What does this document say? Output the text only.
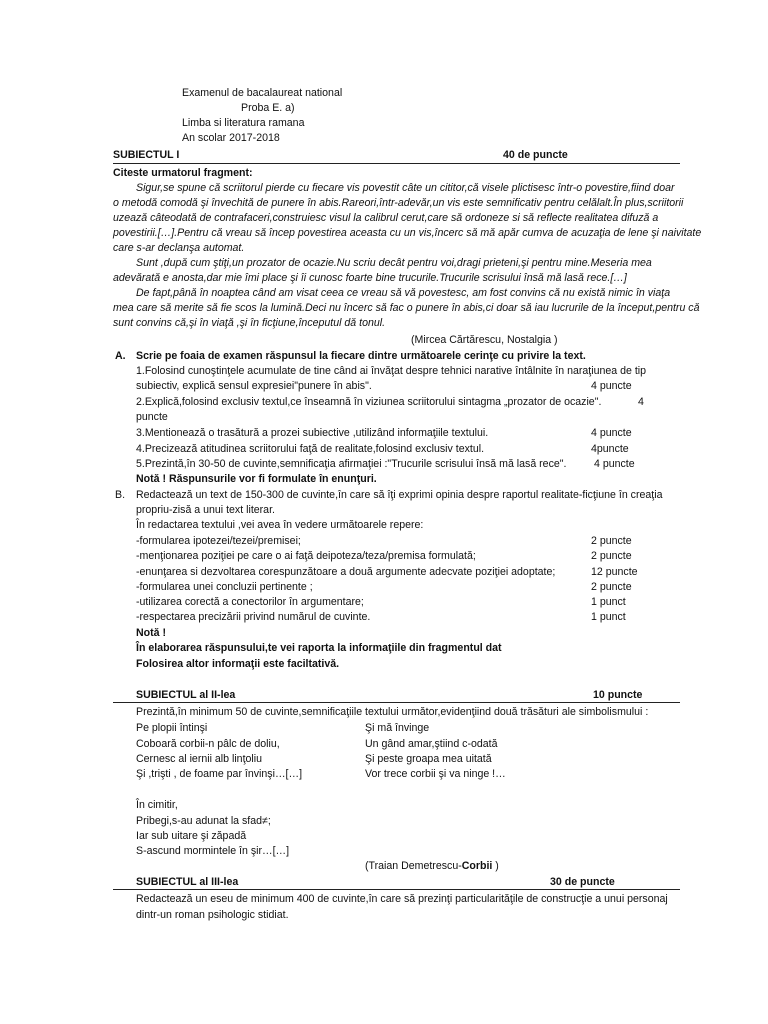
Examenul de bacalaureat national
Proba E. a)
Limba si literatura ramana
An scolar 2017-2018
SUBIECTUL I	40 de puncte
Citeste urmatorul fragment:
Sigur,se spune că scriitorul pierde cu fiecare vis povestit câte un cititor,că visele plictisesc într-o povestire,fiind doar
o metodă comodă şi învechită de punere în abis.Rareori,într-adevăr,un vis este semnificativ pentru celălalt.În plus,scriitorii
uzează câteodată de contrafaceri,construiesc visul la calibrul cerut,care să ordoneze si să reflecte realitatea difuză a
povestirii.[…].Pentru că vreau să încep povestirea aceasta cu un vis,încerc să mă apăr cumva de acuzaţia de lene şi naivitate
care s-ar declanşa automat.
Sunt ,după cum ştiţi,un prozator de ocazie.Nu scriu decât pentru voi,dragi prieteni,şi pentru mine.Meseria mea
adevărată e anosta,dar mie îmi place şi îi cunosc foarte bine trucurile.Trucurile scrisului însă mă lasă rece.[…]
De fapt,până în noaptea când am visat ceea ce vreau să vă povestesc, am fost convins că nu există nimic în viaţa
mea care să merite să fie scos la lumină.Deci nu încerc să fac o punere în abis,ci doar să iau lucrurile de la început,pentru că
sunt convins că,şi în viaţă ,şi în ficţiune,începutul dă tonul.
(Mircea Cărtărescu, Nostalgia )
A. Scrie pe foaia de examen răspunsul la fiecare dintre următoarele cerinţe cu privire la text.
1.Folosind cunoştinţele acumulate de tine când ai învăţat despre tehnici narative întâlnite în naraţiunea de tip
subiectiv, explică sensul expresiei"punere în abis".	4 puncte
2.Explică,folosind exclusiv textul,ce înseamnă în viziunea scriitorului sintagma „prozator de ocazie".	4
puncte
3.Mentionează o trasătură a prozei subiective ,utilizând informaţiile textului.	4 puncte
4.Precizează atitudinea scriitorului faţă de realitate,folosind exclusiv textul.	4puncte
5.Prezintă,în 30-50 de cuvinte,semnificaţia afirmaţiei :"Trucurile scrisului însă mă lasă rece".	4 puncte
Notă ! Răspunsurile vor fi formulate în enunţuri.
B. Redactează un text de 150-300 de cuvinte,în care să îţi exprimi opinia despre raportul realitate-ficţiune în creaţia
propriu-zisă a unui text literar.
În redactarea textului ,vei avea în vedere următoarele repere:
-formularea ipotezei/tezei/premisei;	2 puncte
-menţionarea poziţiei pe care o ai faţă deipoteza/teza/premisa formulată;	2 puncte
-enunţarea si dezvoltarea corespunzătoare a două argumente adecvate poziţiei adoptate;	12 puncte
-formularea unei concluzii pertinente ;	2 puncte
-utilizarea corectă a conectorilor în argumentare;	1 punct
-respectarea precizării privind numărul de cuvinte.	1 punct
Notă !
În elaborarea răspunsului,te vei raporta la informaţiile din fragmentul dat
Folosirea altor informaţii este faciltativă.
SUBIECTUL al II-lea	10 puncte
Prezintă,în minimum 50 de cuvinte,semnificaţiile textului următor,evidenţiind două trăsături ale simbolismului :
Pe plopii întinşi	Şi mă învinge
Coboară corbii-n pâlc de doliu,	Un gând amar,ştiind c-odată
Cernesc al iernii alb linţoliu	Şi peste groapa mea uitată
Şi ,trişti , de foame par învinşi…[…]	Vor trece corbii şi va ninge !…
În cimitir,
Pribegi,s-au adunat la sfad≠;
Iar sub uitare şi zăpadă
S-ascund mormintele în şir…[…]
(Traian Demetrescu-Corbii )
SUBIECTUL al III-lea	30 de puncte
Redactează un eseu de minimum 400 de cuvinte,în care să prezinţi particularităţile de construcţie a unui personaj
dintr-un roman psihologic stidiat.
